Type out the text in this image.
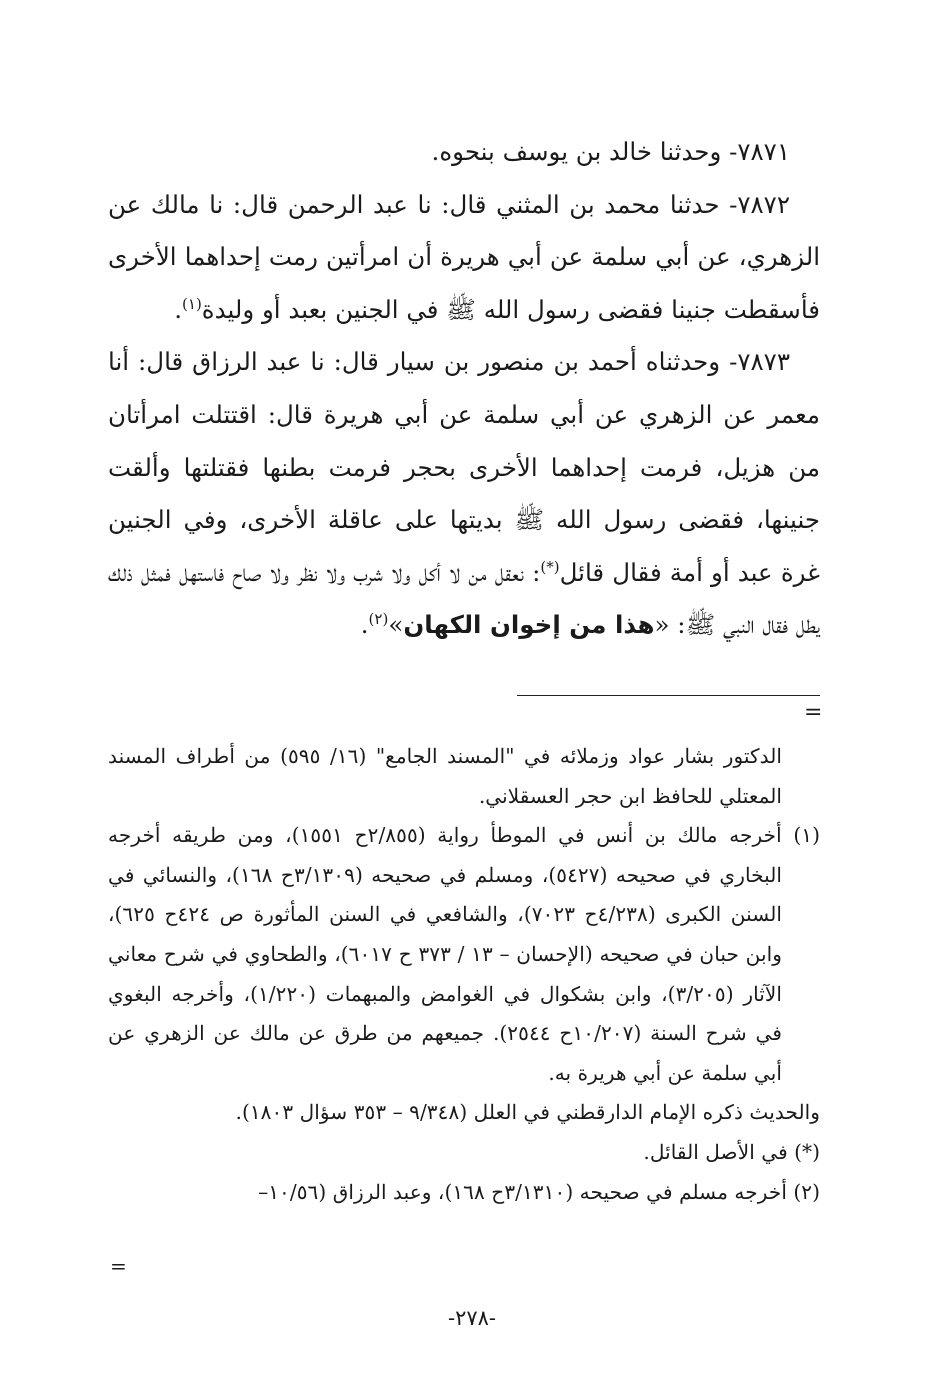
٧٨٧١- وحدثنا خالد بن يوسف بنحوه.

٧٨٧٢- حدثنا محمد بن المثني قال: نا عبد الرحمن قال: نا مالك عن الزهري، عن أبي سلمة عن أبي هريرة أن امرأتين رمت إحداهما الأخرى فأسقطت جنينا فقضى رسول الله ﷺ في الجنين بعبد أو وليدة$^{(١)}$.

٧٨٧٣- وحدثناه أحمد بن منصور بن سيار قال: نا عبد الرزاق قال: أنا معمر عن الزهري عن أبي سلمة عن أبي هريرة قال: اقتتلت امرأتان من هزيل، فرمت إحداهما الأخرى بحجر فرمت بطنها فقتلتها وألقت جنينها، فقضى رسول الله ﷺ بديتها على عاقلة الأخرى، وفي الجنين غرة عبد أو أمة فقال قائل(*): نعقل من لا أكل ولا شرب ولا نظر ولا صاح فاستهل فمثل ذلك يطل فقال النبي ﷺ: «هذا من إخوان الكهان»$^{(٢)}$.

=

الدكتور بشار عواد وزملائه في "المسند الجامع" (١٦/ ٥٩٥) من أطراف المسند المعتلي للحافظ ابن حجر العسقلاني.

(١) أخرجه مالك بن أنس في الموطأ رواية (٢/٨٥٥ح ١٥٥١)، ومن طريقه أخرجه البخاري في صحيحه (٥٤٢٧)، ومسلم في صحيحه (٣/١٣٠٩ح ١٦٨)، والنسائي في السنن الكبرى (٤/٢٣٨ح ٧٠٢٣)، والشافعي في السنن المأثورة ص ٤٢٤ح ٦٢٥)، وابن حبان في صحيحه (الإحسان – ١٣ / ٣٧٣ ح ٦٠١٧)، والطحاوي في شرح معاني الآثار (٣/٢٠٥)، وابن بشكوال في الغوامض والمبهمات (١/٢٢٠)، وأخرجه البغوي في شرح السنة (١٠/٢٠٧ح ٢٥٤٤). جميعهم من طرق عن مالك عن الزهري عن أبي سلمة عن أبي هريرة به.

والحديث ذكره الإمام الدارقطني في العلل (٩/٣٤٨ – ٣٥٣ سؤال ١٨٠٣).

(*) في الأصل القائل.

(٢) أخرجه مسلم في صحيحه (٣/١٣١٠ح ١٦٨)، وعبد الرزاق (١٠/٥٦–

=
-٢٧٨-
